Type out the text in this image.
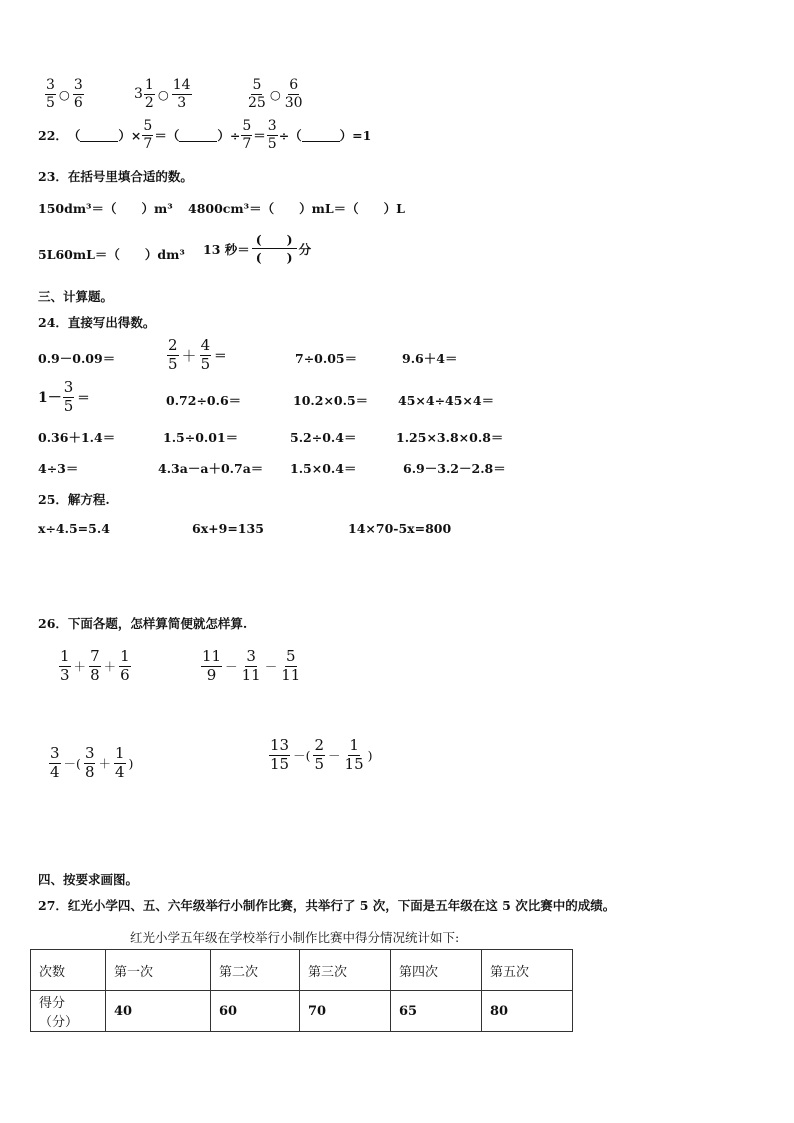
$\frac{3}{5}$ ○ $\frac{3}{6}$	$3 \frac{1}{2}$ ○ $\frac{14}{3}$	$\frac{5}{25}$ ○ $\frac{6}{30}$
22． （	）× $\frac{5}{7}$ ＝（	）÷ $\frac{5}{7} = \frac{3}{5}$ ÷（	）=1
23．在括号里填合适的数。
150dm³＝（　　）m³ 4800cm³＝（　　）mL＝（　　）L
5L60mL＝（　　）dm³ 13 秒＝ $\frac{( )}{( )}$ 分
三、计算题。
24．直接写出得数。
0.9－0.09＝	$\frac{2}{5} + \frac{4}{5}$ ＝	7÷0.05＝	9.6＋4＝
$1- \frac{3}{5}$ ＝	0.72÷0.6＝	10.2×0.5＝ 45×4÷45×4＝
0.36＋1.4＝	1.5÷0.01＝	5.2÷0.4＝	1.25×3.8×0.8＝
4÷3＝	4.3a－a＋0.7a＝ 1.5×0.4＝	6.9－3.2－2.8＝
25．解方程.
x÷4.5=5.4	6x+9=135	14×70-5x=800
26．下面各题，怎样算简便就怎样算.
$\frac{1}{3} + \frac{7}{8} + \frac{1}{6}$	$\frac{11}{9} - \frac{3}{11} - \frac{5}{11}$
$\frac{3}{4}$ －( $\frac{3}{8} + \frac{1}{4}$ )	$\frac{13}{15}$ －( $\frac{2}{5} - \frac{1}{15}$ )
四、按要求画图。
27．红光小学四、五、六年级举行小制作比赛，共举行了 5 次，下面是五年级在这 5 次比赛中的成绩。
红光小学五年级在学校举行小制作比赛中得分情况统计如下:
次数	第一次	第二次	第三次	第四次	第五次
得分（分）	40	60	70	65	80
